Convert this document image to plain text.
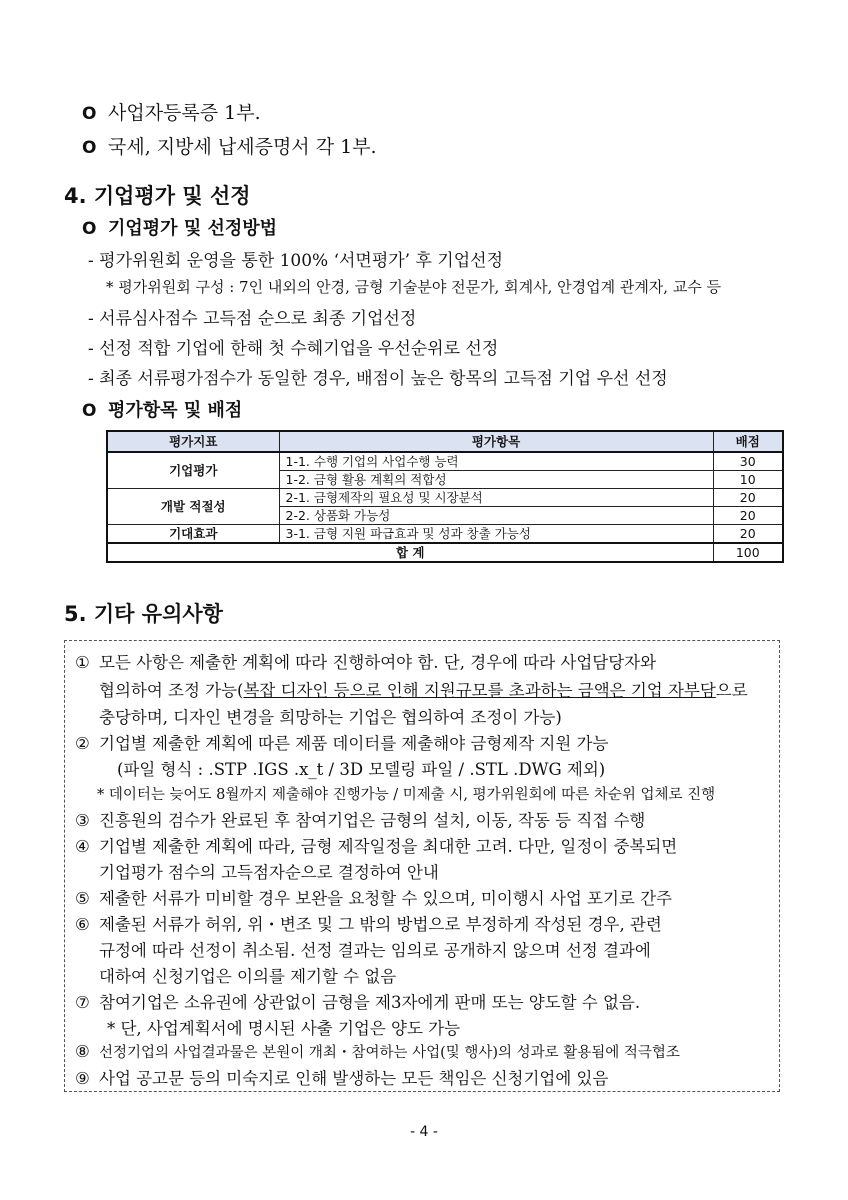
O 사업자등록증 1부.
O 국세, 지방세 납세증명서 각 1부.
4. 기업평가 및 선정
O 기업평가 및 선정방법
- 평가위원회 운영을 통한 100% ‘서면평가’ 후 기업선정
* 평가위원회 구성 : 7인 내외의 안경, 금형 기술분야 전문가, 회계사, 안경업계 관계자, 교수 등
- 서류심사점수 고득점 순으로 최종 기업선정
- 선정 적합 기업에 한해 첫 수혜기업을 우선순위로 선정
- 최종 서류평가점수가 동일한 경우, 배점이 높은 항목의 고득점 기업 우선 선정
O 평가항목 및 배점
평가지표	평가항목	배점
기업평가	1-1. 수행 기업의 사업수행 능력	30
	1-2. 금형 활용 계획의 적합성	10
개발 적절성	2-1. 금형제작의 필요성 및 시장분석	20
	2-2. 상품화 가능성	20
기대효과	3-1. 금형 지원 파급효과 및 성과 창출 가능성	20
합 계		100
5. 기타 유의사항
① 모든 사항은 제출한 계획에 따라 진행하여야 함. 단, 경우에 따라 사업담당자와
협의하여 조정 가능(복잡 디자인 등으로 인해 지원규모를 초과하는 금액은 기업 자부담으로
충당하며, 디자인 변경을 희망하는 기업은 협의하여 조정이 가능)
② 기업별 제출한 계획에 따른 제품 데이터를 제출해야 금형제작 지원 가능
(파일 형식 : .STP .IGS .x_t / 3D 모델링 파일 / .STL .DWG 제외)
* 데이터는 늦어도 8월까지 제출해야 진행가능 / 미제출 시, 평가위원회에 따른 차순위 업체로 진행
③ 진흥원의 검수가 완료된 후 참여기업은 금형의 설치, 이동, 작동 등 직접 수행
④ 기업별 제출한 계획에 따라, 금형 제작일정을 최대한 고려. 다만, 일정이 중복되면
기업평가 점수의 고득점자순으로 결정하여 안내
⑤ 제출한 서류가 미비할 경우 보완을 요청할 수 있으며, 미이행시 사업 포기로 간주
⑥ 제출된 서류가 허위, 위・변조 및 그 밖의 방법으로 부정하게 작성된 경우, 관련
규정에 따라 선정이 취소됨. 선정 결과는 임의로 공개하지 않으며 선정 결과에
대하여 신청기업은 이의를 제기할 수 없음
⑦ 참여기업은 소유권에 상관없이 금형을 제3자에게 판매 또는 양도할 수 없음.
* 단, 사업계획서에 명시된 사출 기업은 양도 가능
⑧ 선정기업의 사업결과물은 본원이 개최・참여하는 사업(및 행사)의 성과로 활용됨에 적극협조
⑨ 사업 공고문 등의 미숙지로 인해 발생하는 모든 책임은 신청기업에 있음
- 4 -
